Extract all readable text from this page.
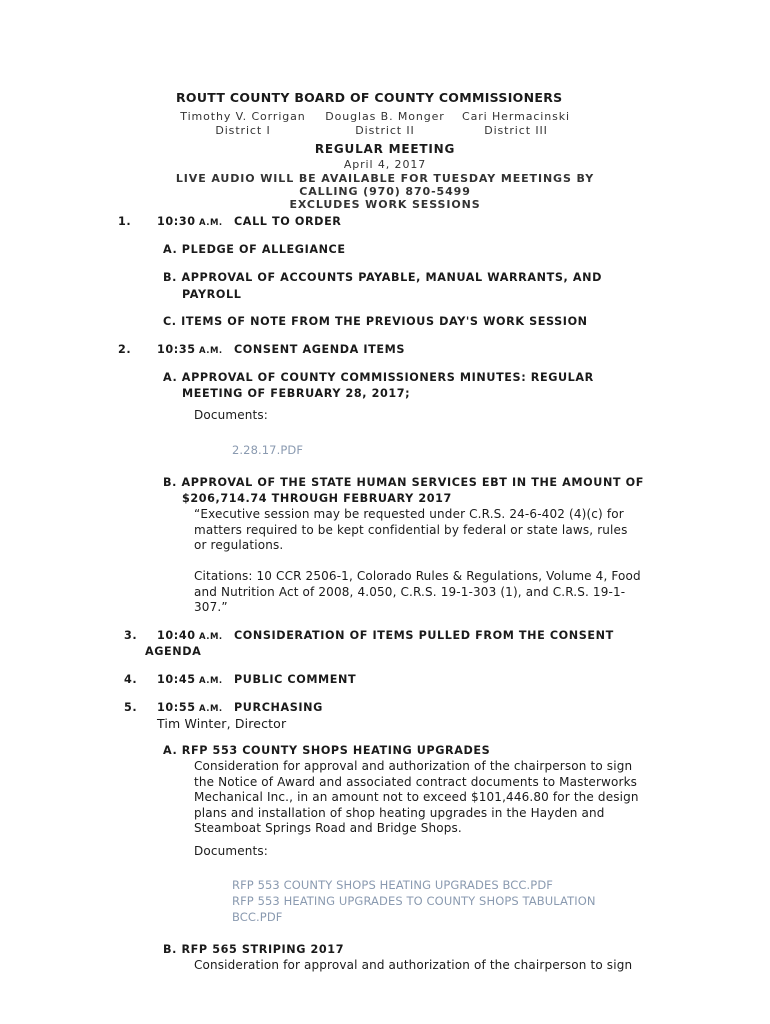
ROUTT COUNTY BOARD OF COUNTY COMMISSIONERS
Timothy V. Corrigan
District I
Douglas B. Monger
District II
Cari Hermacinski
District III
REGULAR MEETING
April 4, 2017
LIVE AUDIO WILL BE AVAILABLE FOR TUESDAY MEETINGS BY
CALLING (970) 870-5499
EXCLUDES WORK SESSIONS
1. 10:30 A.M. CALL TO ORDER
A. PLEDGE OF ALLEGIANCE
B. APPROVAL OF ACCOUNTS PAYABLE, MANUAL WARRANTS, AND
PAYROLL
C. ITEMS OF NOTE FROM THE PREVIOUS DAY'S WORK SESSION
2. 10:35 A.M. CONSENT AGENDA ITEMS
A. APPROVAL OF COUNTY COMMISSIONERS MINUTES: REGULAR
MEETING OF FEBRUARY 28, 2017;
Documents:
2.28.17.PDF
B. APPROVAL OF THE STATE HUMAN SERVICES EBT IN THE AMOUNT OF
$206,714.74 THROUGH FEBRUARY 2017
“Executive session may be requested under C.R.S. 24-6-402 (4)(c) for matters required to be kept confidential by federal or state laws, rules or regulations.
Citations: 10 CCR 2506-1, Colorado Rules & Regulations, Volume 4, Food and Nutrition Act of 2008, 4.050, C.R.S. 19-1-303 (1), and C.R.S. 19-1-307.”
3. 10:40 A.M. CONSIDERATION OF ITEMS PULLED FROM THE CONSENT
AGENDA
4. 10:45 A.M. PUBLIC COMMENT
5. 10:55 A.M. PURCHASING
Tim Winter, Director
A. RFP 553 COUNTY SHOPS HEATING UPGRADES
Consideration for approval and authorization of the chairperson to sign the Notice of Award and associated contract documents to Masterworks Mechanical Inc., in an amount not to exceed $101,446.80 for the design plans and installation of shop heating upgrades in the Hayden and Steamboat Springs Road and Bridge Shops.
Documents:
RFP 553 COUNTY SHOPS HEATING UPGRADES BCC.PDF
RFP 553 HEATING UPGRADES TO COUNTY SHOPS TABULATION BCC.PDF
B. RFP 565 STRIPING 2017
Consideration for approval and authorization of the chairperson to sign
